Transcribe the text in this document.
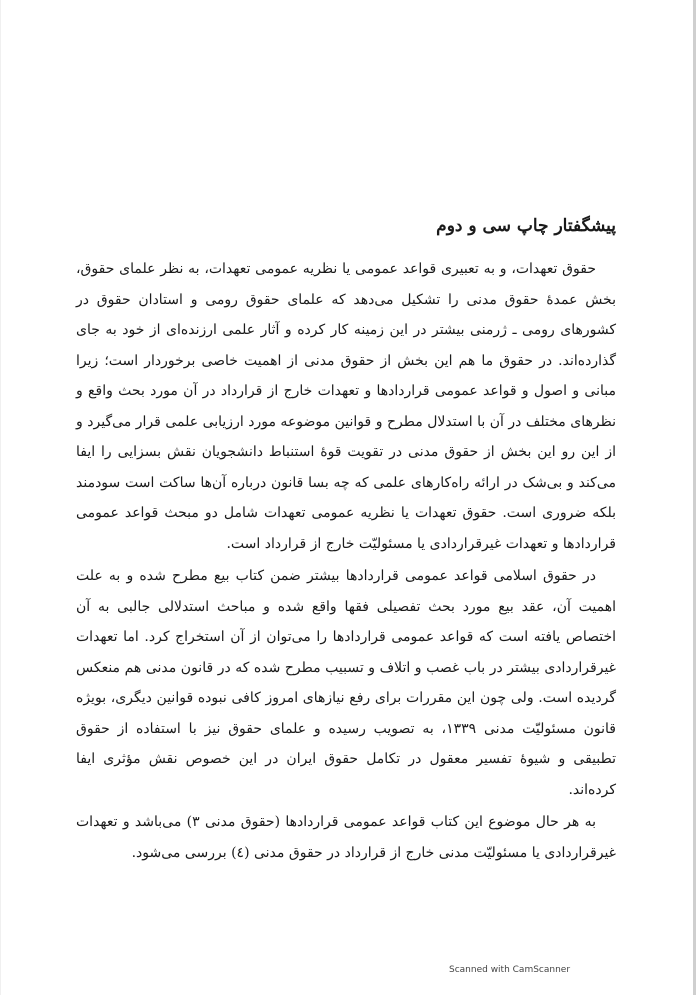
پیشگفتار چاپ سی و دوم

حقوق تعهدات، و به تعبیری قواعد عمومی یا نظریه عمومی تعهدات، به نظر علمای حقوق، بخش عمدهٔ حقوق مدنی را تشکیل می‌دهد که علمای حقوق رومی و استادان حقوق در کشورهای رومی ـ ژرمنی بیشتر در این زمینه کار کرده و آثار علمی ارزنده‌ای از خود به جای گذارده‌اند. در حقوق ما هم این بخش از حقوق مدنی از اهمیت خاصی برخوردار است؛ زیرا مبانی و اصول و قواعد عمومی قراردادها و تعهدات خارج از قرارداد در آن مورد بحث واقع و نظرهای مختلف در آن با استدلال مطرح و قوانین موضوعه مورد ارزیابی علمی قرار می‌گیرد و از این رو این بخش از حقوق مدنی در تقویت قوهٔ استنباط دانشجویان نقش بسزایی را ایفا می‌کند و بی‌شک در ارائه راه‌کارهای علمی که چه بسا قانون درباره آن‌ها ساکت است سودمند بلکه ضروری است. حقوق تعهدات یا نظریه عمومی تعهدات شامل دو مبحث قواعد عمومی قراردادها و تعهدات غیرقراردادی یا مسئولیّت خارج از قرارداد است.

در حقوق اسلامی قواعد عمومی قراردادها بیشتر ضمن کتاب بیع مطرح شده و به علت اهمیت آن، عقد بیع مورد بحث تفصیلی فقها واقع شده و مباحث استدلالی جالبی به آن اختصاص یافته است که قواعد عمومی قراردادها را می‌توان از آن استخراج کرد. اما تعهدات غیرقراردادی بیشتر در باب غصب و اتلاف و تسبیب مطرح شده که در قانون مدنی هم منعکس گردیده است. ولی چون این مقررات برای رفع نیازهای امروز کافی نبوده قوانین دیگری، بویژه قانون مسئولیّت مدنی ۱۳۳۹، به تصویب رسیده و علمای حقوق نیز با استفاده از حقوق تطبیقی و شیوهٔ تفسیر معقول در تکامل حقوق ایران در این خصوص نقش مؤثری ایفا کرده‌اند.

به هر حال موضوع این کتاب قواعد عمومی قراردادها (حقوق مدنی ۳) می‌باشد و تعهدات غیرقراردادی یا مسئولیّت مدنی خارج از قرارداد در حقوق مدنی (٤) بررسی می‌شود.

Scanned with CamScanner
